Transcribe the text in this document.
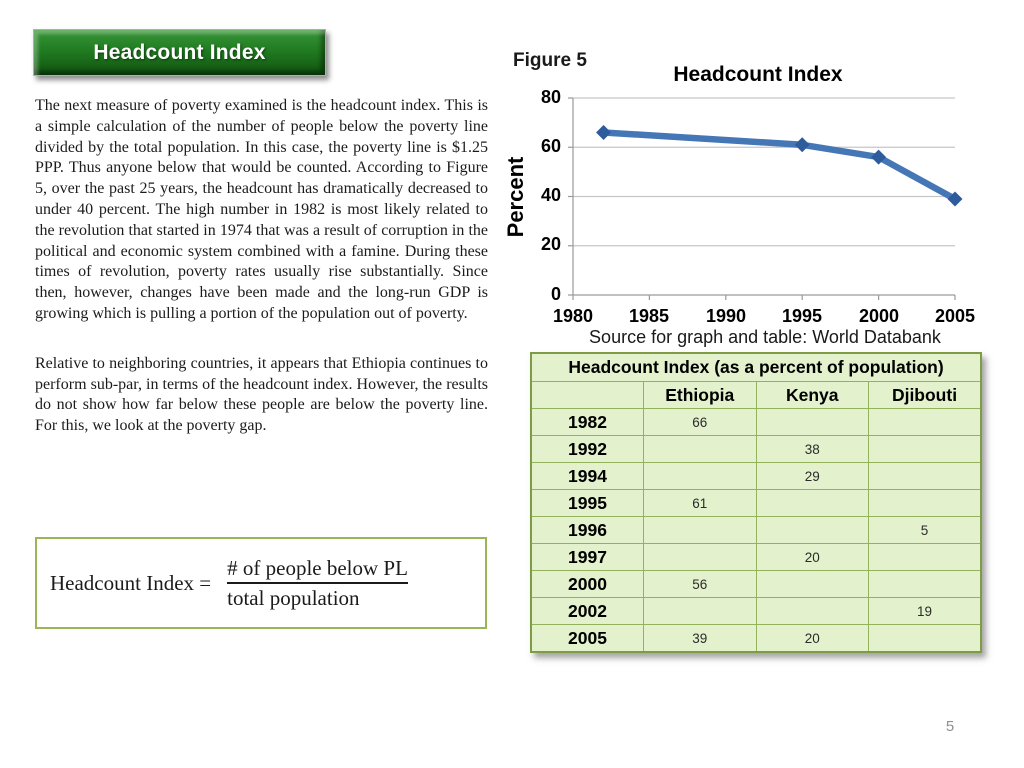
Headcount Index

The next measure of poverty examined is the headcount index. This is a simple calculation of the number of people below the poverty line divided by the total population. In this case, the poverty line is $1.25 PPP. Thus anyone below that would be counted. According to Figure 5, over the past 25 years, the headcount has dramatically decreased to under 40 percent. The high number in 1982 is most likely related to the revolution that started in 1974 that was a result of corruption in the political and economic system combined with a famine. During these times of revolution, poverty rates usually rise substantially. Since then, however, changes have been made and the long-run GDP is growing which is pulling a portion of the population out of poverty.

Relative to neighboring countries, it appears that Ethiopia continues to perform sub-par, in terms of the headcount index. However, the results do not show how far below these people are below the poverty line. For this, we look at the poverty gap.

Figure 5
Headcount Index
Percent
80
60
40
20
0
1980	1985	1990	1995	2000	2005
Source for graph and table: World Databank
Headcount Index (as a percent of population)			
	Ethiopia	Kenya	Djibouti
1982	66		
1992		38	
1994		29	
1995	61		
1996			5
1997		20	
2000	56		
2002			19
2005	39	20	
Headcount Index = $\frac{\text{\# of people below PL}}{\text{total population}}$
5
